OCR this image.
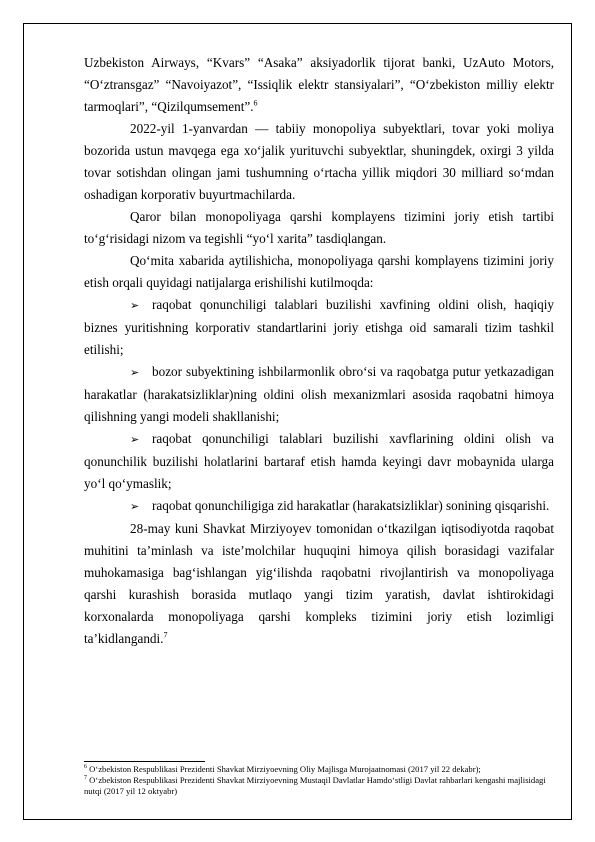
Uzbekiston Airways, “Kvars” “Asaka” aksiyadorlik tijorat banki, UzAuto Motors, “O‘ztransgaz” “Navoiyazot”, “Issiqlik elektr stansiyalari”, “O‘zbekiston milliy elektr tarmoqlari”, “Qizilqumsement”.$^6$

2022-yil 1-yanvardan — tabiiy monopoliya subyektlari, tovar yoki moliya bozorida ustun mavqega ega xo‘jalik yurituvchi subyektlar, shuningdek, oxirgi 3 yilda tovar sotishdan olingan jami tushumning o‘rtacha yillik miqdori 30 milliard so‘mdan oshadigan korporativ buyurtmachilarda.

Qaror bilan monopoliyaga qarshi komplayens tizimini joriy etish tartibi to‘g‘risidagi nizom va tegishli “yo‘l xarita” tasdiqlangan.

Qo‘mita xabarida aytilishicha, monopoliyaga qarshi komplayens tizimini joriy etish orqali quyidagi natijalarga erishilishi kutilmoqda:

➢ raqobat qonunchiligi talablari buzilishi xavfining oldini olish, haqiqiy biznes yuritishning korporativ standartlarini joriy etishga oid samarali tizim tashkil etilishi;

➢ bozor subyektining ishbilarmonlik obro‘si va raqobatga putur yetkazadigan harakatlar (harakatsizliklar)ning oldini olish mexanizmlari asosida raqobatni himoya qilishning yangi modeli shakllanishi;

➢ raqobat qonunchiligi talablari buzilishi xavflarining oldini olish va qonunchilik buzilishi holatlarini bartaraf etish hamda keyingi davr mobaynida ularga yo‘l qo‘ymaslik;

➢ raqobat qonunchiligiga zid harakatlar (harakatsizliklar) sonining qisqarishi.

28-may kuni Shavkat Mirziyoyev tomonidan o‘tkazilgan iqtisodiyotda raqobat muhitini ta’minlash va iste’molchilar huquqini himoya qilish borasidagi vazifalar muhokamasiga bag‘ishlangan yig‘ilishda raqobatni rivojlantirish va monopoliyaga qarshi kurashish borasida mutlaqo yangi tizim yaratish, davlat ishtirokidagi korxonalarda monopoliyaga qarshi kompleks tizimini joriy etish lozimligi ta’kidlangandi.$^7$

$^6$ O‘zbekiston Respublikasi Prezidenti Shavkat Mirziyoevning Oliy Majlisga Murojaatnomasi (2017 yil 22 dekabr);

$^7$ O‘zbekiston Respublikasi Prezidenti Shavkat Mirziyoevning Mustaqil Davlatlar Hamdo‘stligi Davlat rahbarlari kengashi majlisidagi nutqi (2017 yil 12 oktyabr)
